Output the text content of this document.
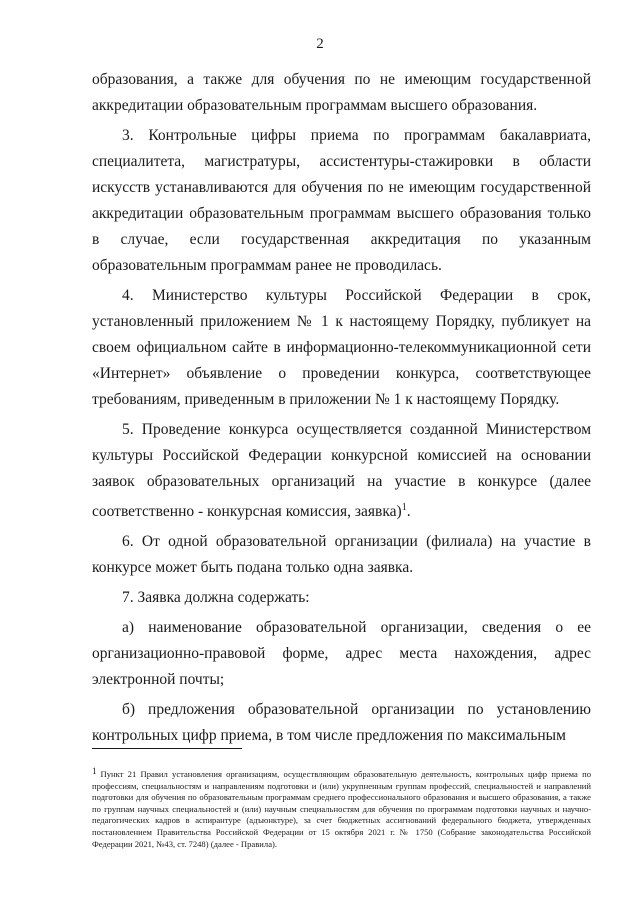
2

образования, а также для обучения по не имеющим государственной аккредитации образовательным программам высшего образования.

3. Контрольные цифры приема по программам бакалавриата, специалитета, магистратуры, ассистентуры-стажировки в области искусств устанавливаются для обучения по не имеющим государственной аккредитации образовательным программам высшего образования только в случае, если государственная аккредитация по указанным образовательным программам ранее не проводилась.

4. Министерство культуры Российской Федерации в срок, установленный приложением № 1 к настоящему Порядку, публикует на своем официальном сайте в информационно-телекоммуникационной сети «Интернет» объявление о проведении конкурса, соответствующее требованиям, приведенным в приложении № 1 к настоящему Порядку.

5. Проведение конкурса осуществляется созданной Министерством культуры Российской Федерации конкурсной комиссией на основании заявок образовательных организаций на участие в конкурсе (далее соответственно - конкурсная комиссия, заявка)$^1$.

6. От одной образовательной организации (филиала) на участие в конкурсе может быть подана только одна заявка.

7. Заявка должна содержать:

а) наименование образовательной организации, сведения о ее организационно-правовой форме, адрес места нахождения, адрес электронной почты;

б) предложения образовательной организации по установлению контрольных цифр приема, в том числе предложения по максимальным

$^1$ Пункт 21 Правил установления организациям, осуществляющим образовательную деятельность, контрольных цифр приема по профессиям, специальностям и направлениям подготовки и (или) укрупненным группам профессий, специальностей и направлений подготовки для обучения по образовательным программам среднего профессионального образования и высшего образования, а также по группам научных специальностей и (или) научным специальностям для обучения по программам подготовки научных и научно-педагогических кадров в аспирантуре (адъюнктуре), за счет бюджетных ассигнований федерального бюджета, утвержденных постановлением Правительства Российской Федерации от 15 октября 2021 г. № 1750 (Собрание законодательства Российской Федерации 2021, №43, ст. 7248) (далее - Правила).
